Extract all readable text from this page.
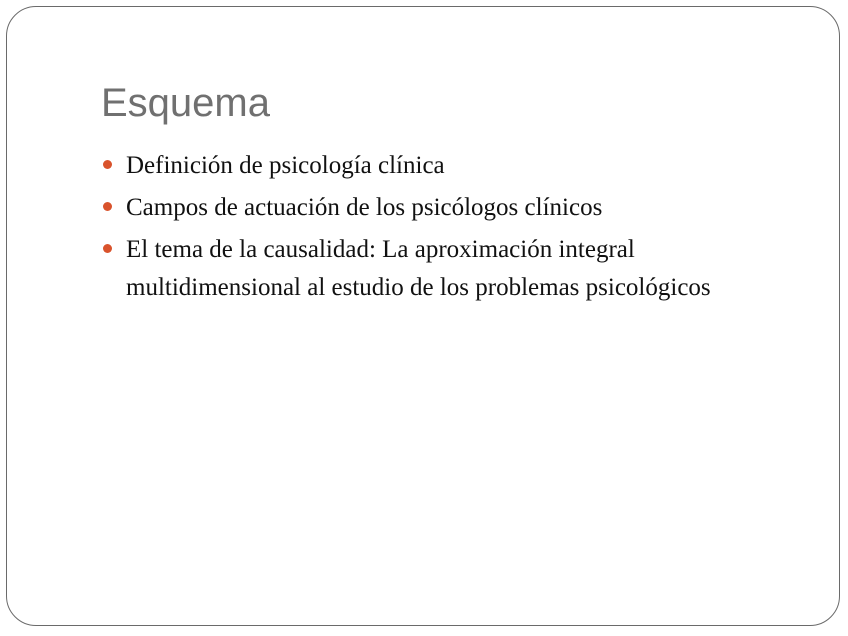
Esquema
Definición de psicología clínica
Campos de actuación de los psicólogos clínicos
El tema de la causalidad: La aproximación integral multidimensional al estudio de los problemas psicológicos
